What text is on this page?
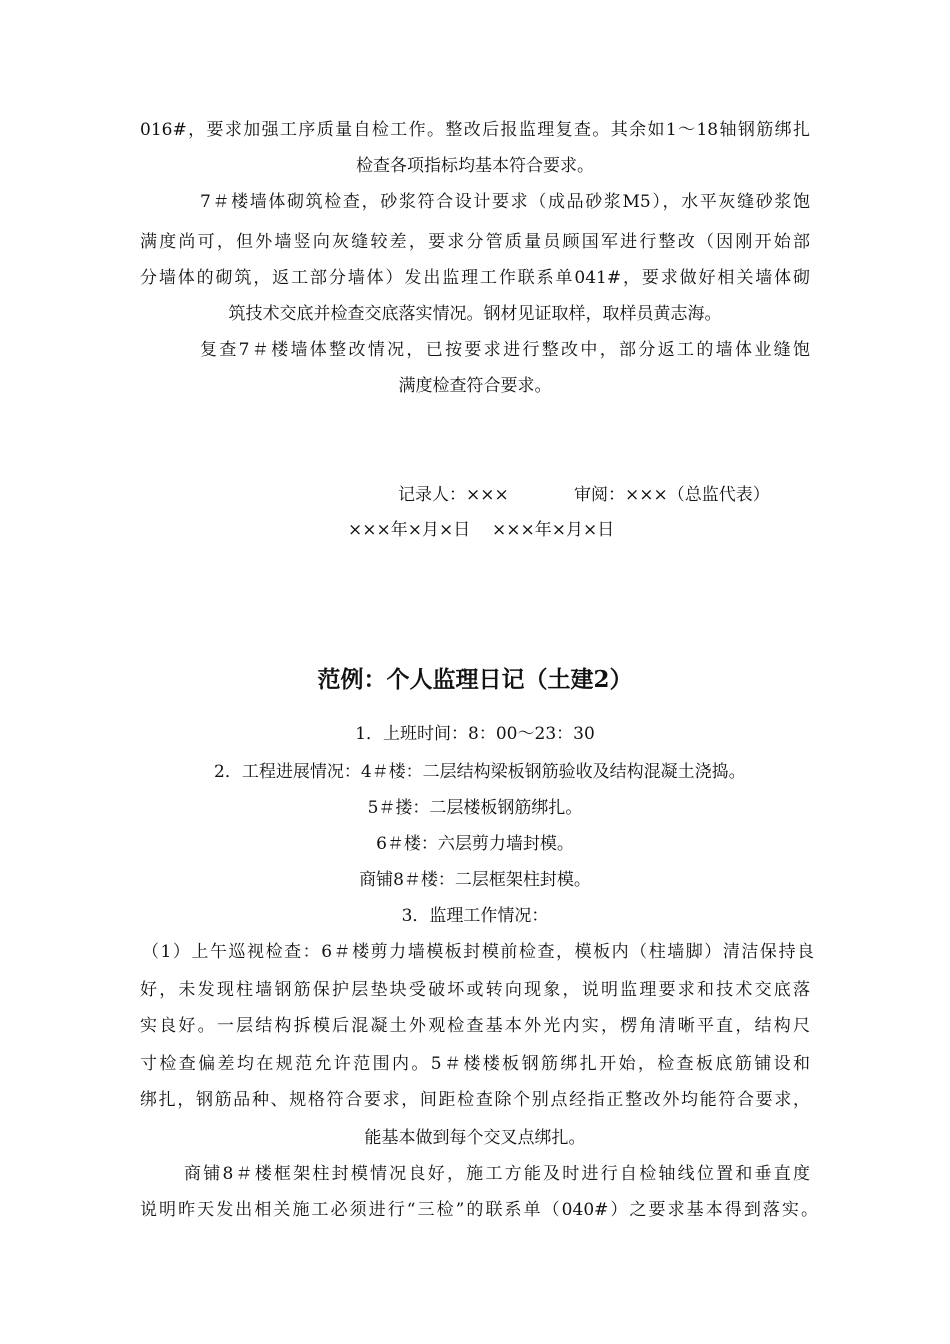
016#，要求加强工序质量自检工作。整改后报监理复查。其余如1～18轴钢筋绑扎
检查各项指标均基本符合要求。
7＃楼墙体砌筑检查，砂浆符合设计要求（成品砂浆M5），水平灰缝砂浆饱
满度尚可，但外墙竖向灰缝较差，要求分管质量员顾国军进行整改（因刚开始部
分墙体的砌筑，返工部分墙体）发出监理工作联系单041#，要求做好相关墙体砌
筑技术交底并检查交底落实情况。钢材见证取样，取样员黄志海。
复查7＃楼墙体整改情况，已按要求进行整改中，部分返工的墙体业缝饱
满度检查符合要求。
记录人：×××	审阅：×××（总监代表）
×××年×月×日 ×××年×月×日
范例：个人监理日记（土建2）
1．上班时间：8：00～23：30
2．工程进展情况：4＃楼：二层结构梁板钢筋验收及结构混凝土浇捣。
5＃搂：二层楼板钢筋绑扎。
6＃楼：六层剪力墙封模。
商铺8＃楼：二层框架柱封模。
3．监理工作情况：
（1）上午巡视检查：6＃楼剪力墙模板封模前检查，模板内（柱墙脚）清洁保持良
好，未发现柱墙钢筋保护层垫块受破坏或转向现象，说明监理要求和技术交底落
实良好。一层结构拆模后混凝土外观检查基本外光内实，楞角清晰平直，结构尺
寸检查偏差均在规范允许范围内。5＃楼楼板钢筋绑扎开始，检查板底筋铺设和
绑扎，钢筋品种、规格符合要求，间距检查除个别点经指正整改外均能符合要求，
能基本做到每个交叉点绑扎。
商铺8＃楼框架柱封模情况良好，施工方能及时进行自检轴线位置和垂直度
说明昨天发出相关施工必须进行“三检”的联系单（040#）之要求基本得到落实。
